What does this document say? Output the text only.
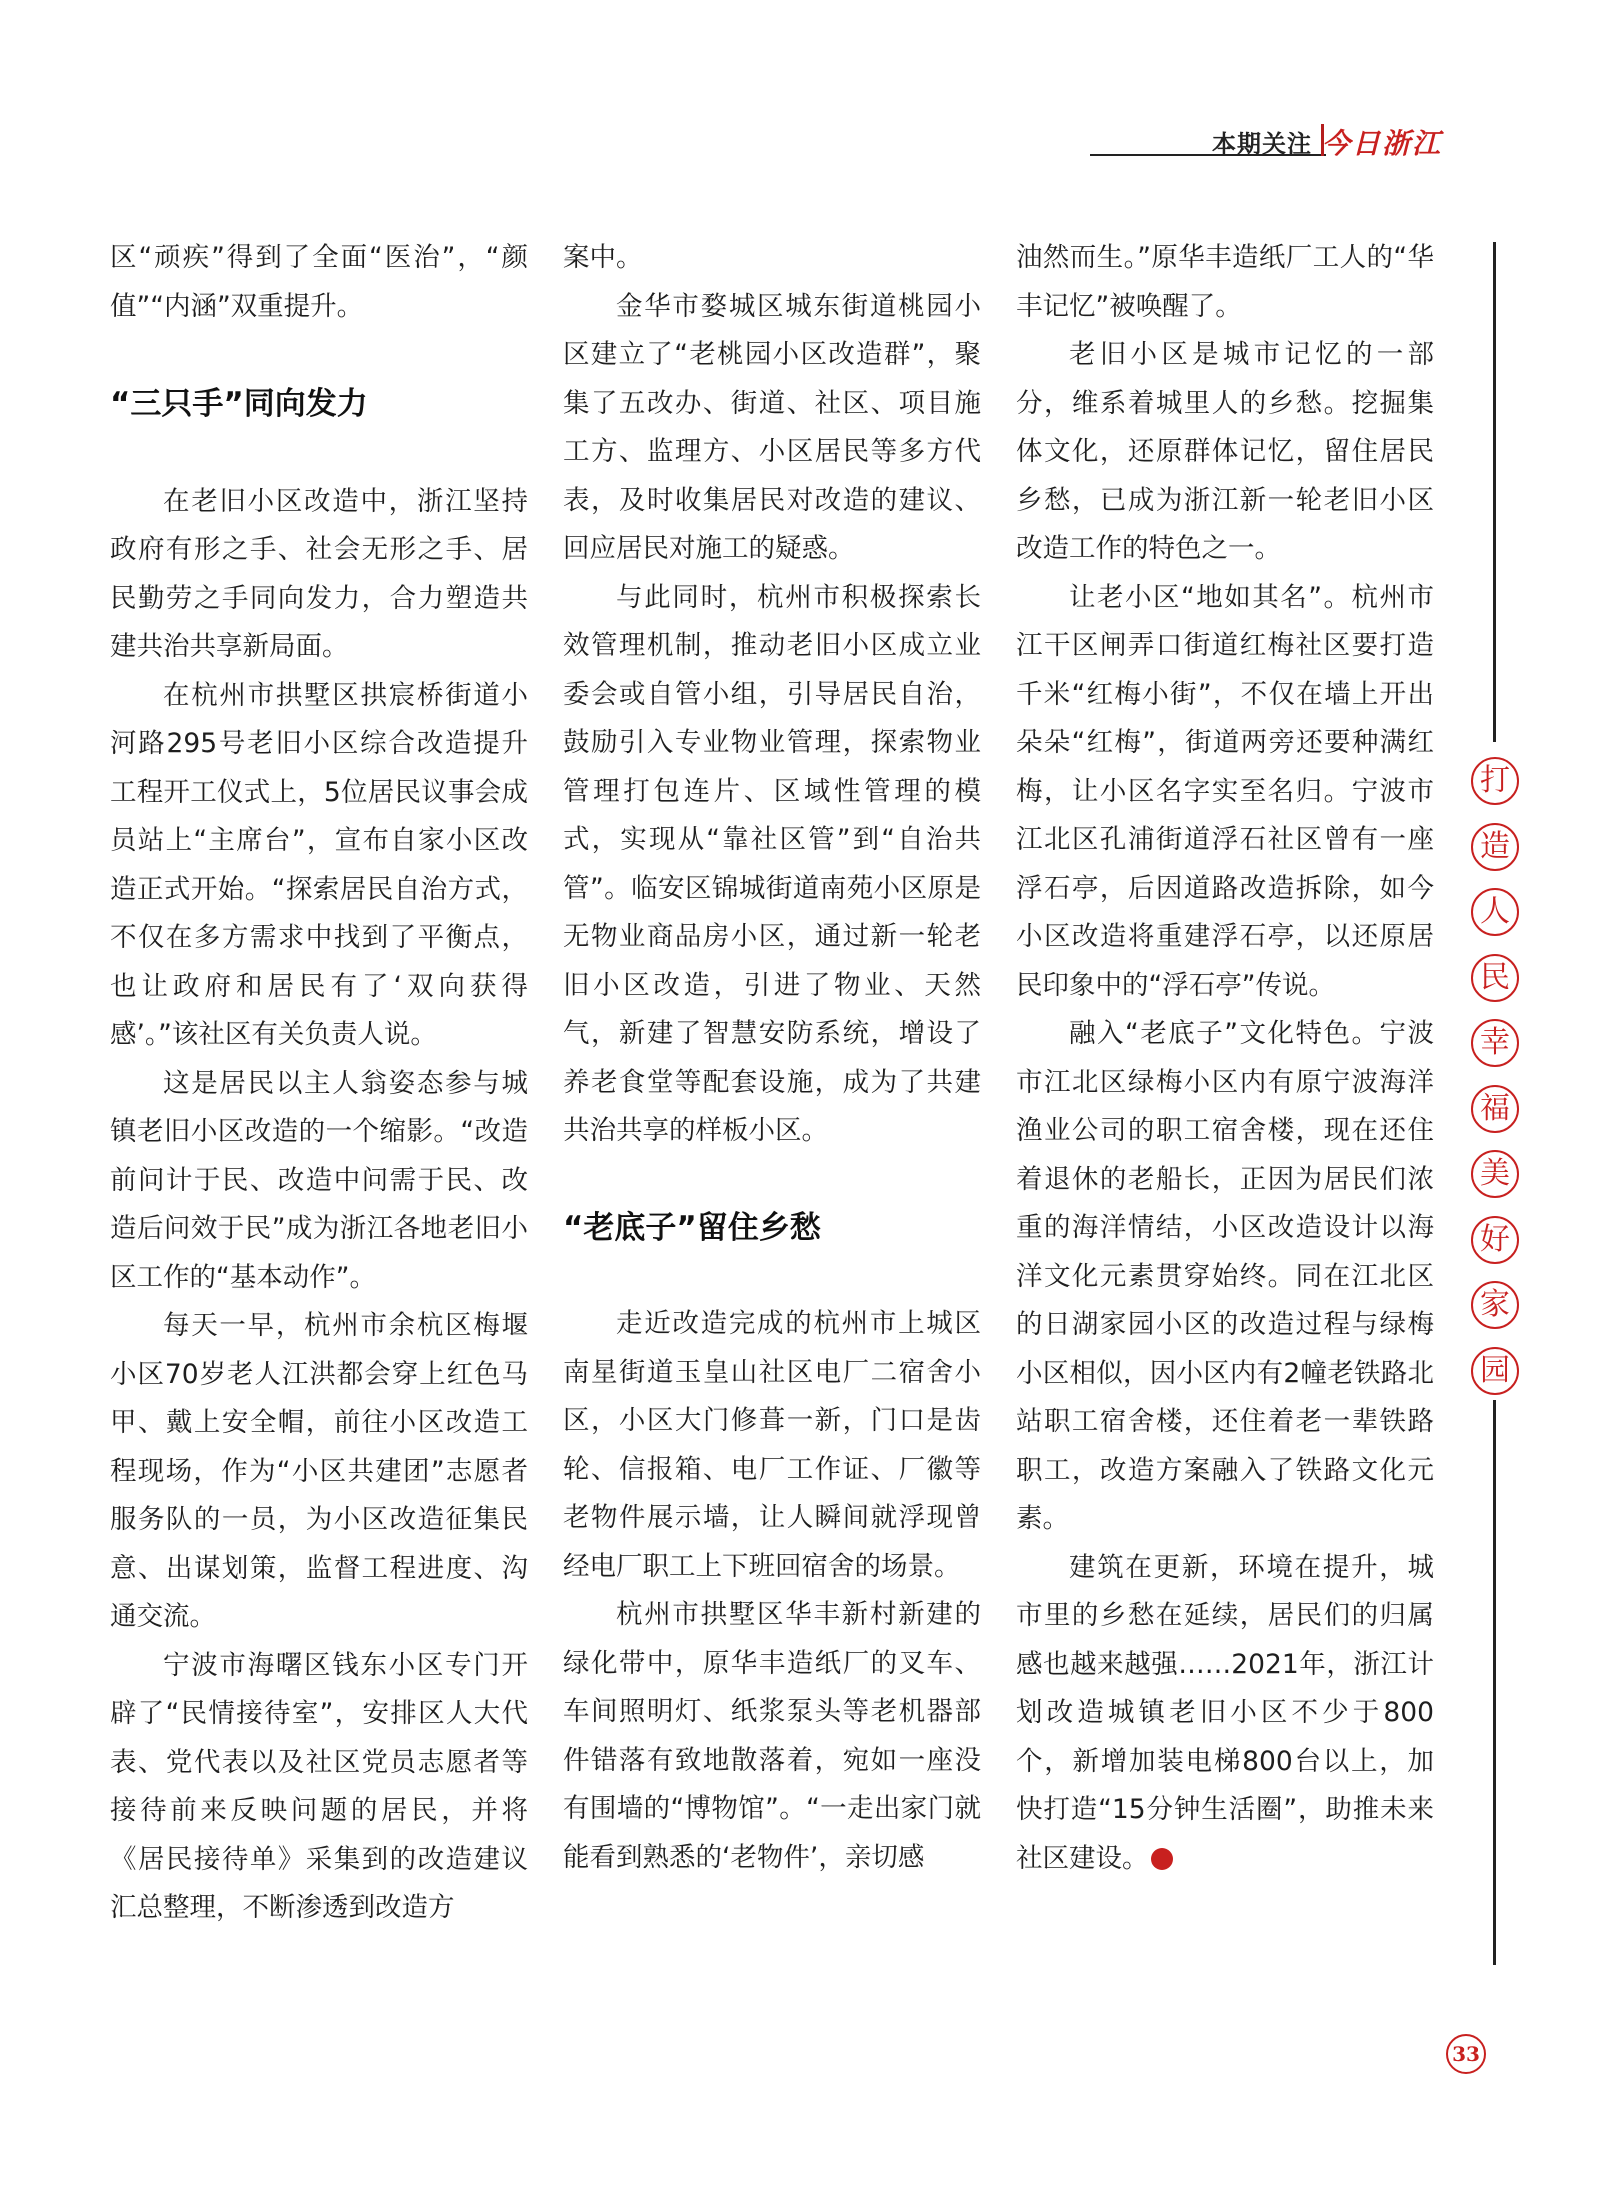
本期关注 今日浙江

区“顽疾”得到了全面“医治”，“颜值”“内涵”双重提升。

“三只手”同向发力

在老旧小区改造中，浙江坚持政府有形之手、社会无形之手、居民勤劳之手同向发力，合力塑造共建共治共享新局面。

在杭州市拱墅区拱宸桥街道小河路295号老旧小区综合改造提升工程开工仪式上，5位居民议事会成员站上“主席台”，宣布自家小区改造正式开始。“探索居民自治方式，不仅在多方需求中找到了平衡点，也让政府和居民有了‘双向获得感’。”该社区有关负责人说。

这是居民以主人翁姿态参与城镇老旧小区改造的一个缩影。“改造前问计于民、改造中问需于民、改造后问效于民”成为浙江各地老旧小区工作的“基本动作”。

每天一早，杭州市余杭区梅堰小区70岁老人江洪都会穿上红色马甲、戴上安全帽，前往小区改造工程现场，作为“小区共建团”志愿者服务队的一员，为小区改造征集民意、出谋划策，监督工程进度、沟通交流。

宁波市海曙区钱东小区专门开辟了“民情接待室”，安排区人大代表、党代表以及社区党员志愿者等接待前来反映问题的居民，并将《居民接待单》采集到的改造建议汇总整理，不断渗透到改造方

案中。

金华市婺城区城东街道桃园小区建立了“老桃园小区改造群”，聚集了五改办、街道、社区、项目施工方、监理方、小区居民等多方代表，及时收集居民对改造的建议、回应居民对施工的疑惑。

与此同时，杭州市积极探索长效管理机制，推动老旧小区成立业委会或自管小组，引导居民自治，鼓励引入专业物业管理，探索物业管理打包连片、区域性管理的模式，实现从“靠社区管”到“自治共管”。临安区锦城街道南苑小区原是无物业商品房小区，通过新一轮老旧小区改造，引进了物业、天然气，新建了智慧安防系统，增设了养老食堂等配套设施，成为了共建共治共享的样板小区。

“老底子”留住乡愁

走近改造完成的杭州市上城区南星街道玉皇山社区电厂二宿舍小区，小区大门修葺一新，门口是齿轮、信报箱、电厂工作证、厂徽等老物件展示墙，让人瞬间就浮现曾经电厂职工上下班回宿舍的场景。

杭州市拱墅区华丰新村新建的绿化带中，原华丰造纸厂的叉车、车间照明灯、纸浆泵头等老机器部件错落有致地散落着，宛如一座没有围墙的“博物馆”。“一走出家门就能看到熟悉的‘老物件’，亲切感

油然而生。”原华丰造纸厂工人的“华丰记忆”被唤醒了。

老旧小区是城市记忆的一部分，维系着城里人的乡愁。挖掘集体文化，还原群体记忆，留住居民乡愁，已成为浙江新一轮老旧小区改造工作的特色之一。

让老小区“地如其名”。杭州市江干区闸弄口街道红梅社区要打造千米“红梅小街”，不仅在墙上开出朵朵“红梅”，街道两旁还要种满红梅，让小区名字实至名归。宁波市江北区孔浦街道浮石社区曾有一座浮石亭，后因道路改造拆除，如今小区改造将重建浮石亭，以还原居民印象中的“浮石亭”传说。

融入“老底子”文化特色。宁波市江北区绿梅小区内有原宁波海洋渔业公司的职工宿舍楼，现在还住着退休的老船长，正因为居民们浓重的海洋情结，小区改造设计以海洋文化元素贯穿始终。同在江北区的日湖家园小区的改造过程与绿梅小区相似，因小区内有2幢老铁路北站职工宿舍楼，还住着老一辈铁路职工，改造方案融入了铁路文化元素。

建筑在更新，环境在提升，城市里的乡愁在延续，居民们的归属感也越来越强……2021年，浙江计划改造城镇老旧小区不少于800个，新增加装电梯800台以上，加快打造“15分钟生活圈”，助推未来社区建设。	今

打
造
人
民
幸
福
美
好
家
园
33
